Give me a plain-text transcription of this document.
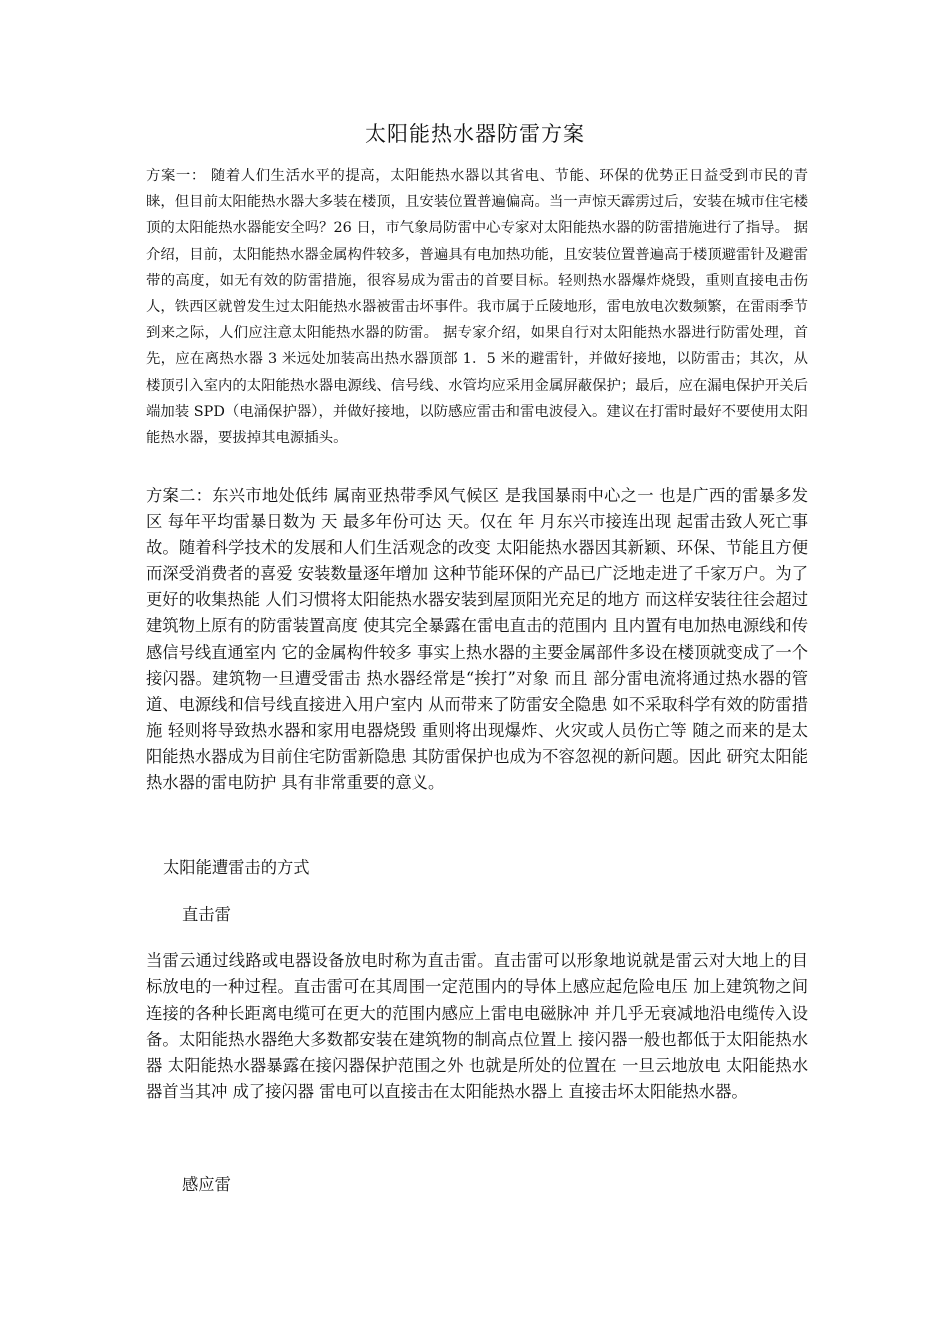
太阳能热水器防雷方案
方案一： 随着人们生活水平的提高，太阳能热水器以其省电、节能、环保的优势正日益受到市民的青睐，但目前太阳能热水器大多装在楼顶，且安装位置普遍偏高。当一声惊天霹雳过后，安装在城市住宅楼顶的太阳能热水器能安全吗？26 日，市气象局防雷中心专家对太阳能热水器的防雷措施进行了指导。 据介绍，目前，太阳能热水器金属构件较多，普遍具有电加热功能，且安装位置普遍高于楼顶避雷针及避雷带的高度，如无有效的防雷措施，很容易成为雷击的首要目标。轻则热水器爆炸烧毁，重则直接电击伤人，铁西区就曾发生过太阳能热水器被雷击坏事件。我市属于丘陵地形，雷电放电次数频繁，在雷雨季节到来之际，人们应注意太阳能热水器的防雷。 据专家介绍，如果自行对太阳能热水器进行防雷处理，首先，应在离热水器 3 米远处加装高出热水器顶部 1．5 米的避雷针，并做好接地，以防雷击；其次，从楼顶引入室内的太阳能热水器电源线、信号线、水管均应采用金属屏蔽保护；最后，应在漏电保护开关后端加装 SPD（电涌保护器），并做好接地，以防感应雷击和雷电波侵入。建议在打雷时最好不要使用太阳能热水器，要拔掉其电源插头。
方案二：东兴市地处低纬 属南亚热带季风气候区 是我国暴雨中心之一 也是广西的雷暴多发区 每年平均雷暴日数为 天 最多年份可达 天。仅在 年 月东兴市接连出现 起雷击致人死亡事故。随着科学技术的发展和人们生活观念的改变 太阳能热水器因其新颖、环保、节能且方便而深受消费者的喜爱 安装数量逐年增加 这种节能环保的产品已广泛地走进了千家万户。为了更好的收集热能 人们习惯将太阳能热水器安装到屋顶阳光充足的地方 而这样安装往往会超过建筑物上原有的防雷装置高度 使其完全暴露在雷电直击的范围内 且内置有电加热电源线和传感信号线直通室内 它的金属构件较多 事实上热水器的主要金属部件多设在楼顶就变成了一个接闪器。建筑物一旦遭受雷击 热水器经常是“挨打”对象 而且 部分雷电流将通过热水器的管道、电源线和信号线直接进入用户室内 从而带来了防雷安全隐患 如不采取科学有效的防雷措施 轻则将导致热水器和家用电器烧毁 重则将出现爆炸、火灾或人员伤亡等 随之而来的是太阳能热水器成为目前住宅防雷新隐患 其防雷保护也成为不容忽视的新问题。因此 研究太阳能热水器的雷电防护 具有非常重要的意义。
太阳能遭雷击的方式
直击雷
当雷云通过线路或电器设备放电时称为直击雷。直击雷可以形象地说就是雷云对大地上的目标放电的一种过程。直击雷可在其周围一定范围内的导体上感应起危险电压 加上建筑物之间连接的各种长距离电缆可在更大的范围内感应上雷电电磁脉冲 并几乎无衰减地沿电缆传入设备。太阳能热水器绝大多数都安装在建筑物的制高点位置上 接闪器一般也都低于太阳能热水器 太阳能热水器暴露在接闪器保护范围之外 也就是所处的位置在 一旦云地放电 太阳能热水器首当其冲 成了接闪器 雷电可以直接击在太阳能热水器上 直接击坏太阳能热水器。
感应雷
